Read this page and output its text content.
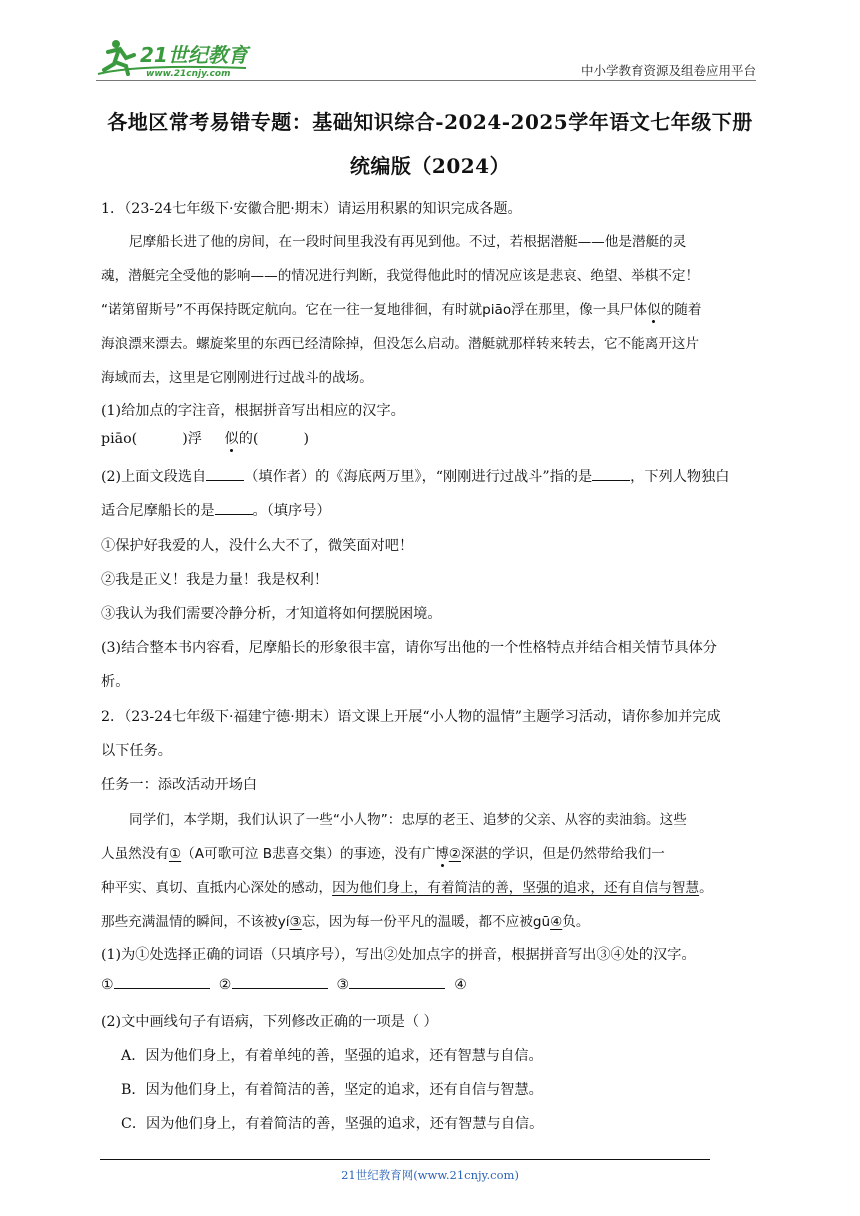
21世纪教育
www.21cnjy.com	中小学教育资源及组卷应用平台
各地区常考易错专题：基础知识综合-2024-2025学年语文七年级下册
统编版（2024）
1．（23-24七年级下·安徽合肥·期末）请运用积累的知识完成各题。
尼摩船长进了他的房间，在一段时间里我没有再见到他。不过，若根据潜艇——他是潜艇的灵
魂，潜艇完全受他的影响——的情况进行判断，我觉得他此时的情况应该是悲哀、绝望、举棋不定！
“诺第留斯号”不再保持既定航向。它在一往一复地徘徊，有时就piāo浮在那里，像一具尸体似的随着
海浪漂来漂去。螺旋桨里的东西已经清除掉，但没怎么启动。潜艇就那样转来转去，它不能离开这片
海域而去，这里是它刚刚进行过战斗的战场。
(1)给加点的字注音，根据拼音写出相应的汉字。
piāo(          )浮     似的(          )
(2)上面文段选自	（填作者）的《海底两万里》，“刚刚进行过战斗”指的是	，下列人物独白
适合尼摩船长的是	。（填序号）
①保护好我爱的人，没什么大不了，微笑面对吧！
②我是正义！我是力量！我是权利！
③我认为我们需要冷静分析，才知道将如何摆脱困境。
(3)结合整本书内容看，尼摩船长的形象很丰富，请你写出他的一个性格特点并结合相关情节具体分
析。
2．（23-24七年级下·福建宁德·期末）语文课上开展“小人物的温情”主题学习活动，请你参加并完成
以下任务。
任务一：添改活动开场白
同学们，本学期，我们认识了一些“小人物”：忠厚的老王、追梦的父亲、从容的卖油翁。这些
人虽然没有①（A可歌可泣 B悲喜交集）的事迹，没有广博②深湛的学识，但是仍然带给我们一
种平实、真切、直抵内心深处的感动，因为他们身上，有着简洁的善，坚强的追求，还有自信与智慧。
那些充满温情的瞬间，不该被yí③忘，因为每一份平凡的温暖，都不应被gū④负。
(1)为①处选择正确的词语（只填序号），写出②处加点字的拼音，根据拼音写出③④处的汉字。
①	②	③	④
(2)文中画线句子有语病，下列修改正确的一项是（ ）
A．因为他们身上，有着单纯的善，坚强的追求，还有智慧与自信。
B．因为他们身上，有着简洁的善，坚定的追求，还有自信与智慧。
C．因为他们身上，有着简洁的善，坚强的追求，还有智慧与自信。
21世纪教育网(www.21cnjy.com)
